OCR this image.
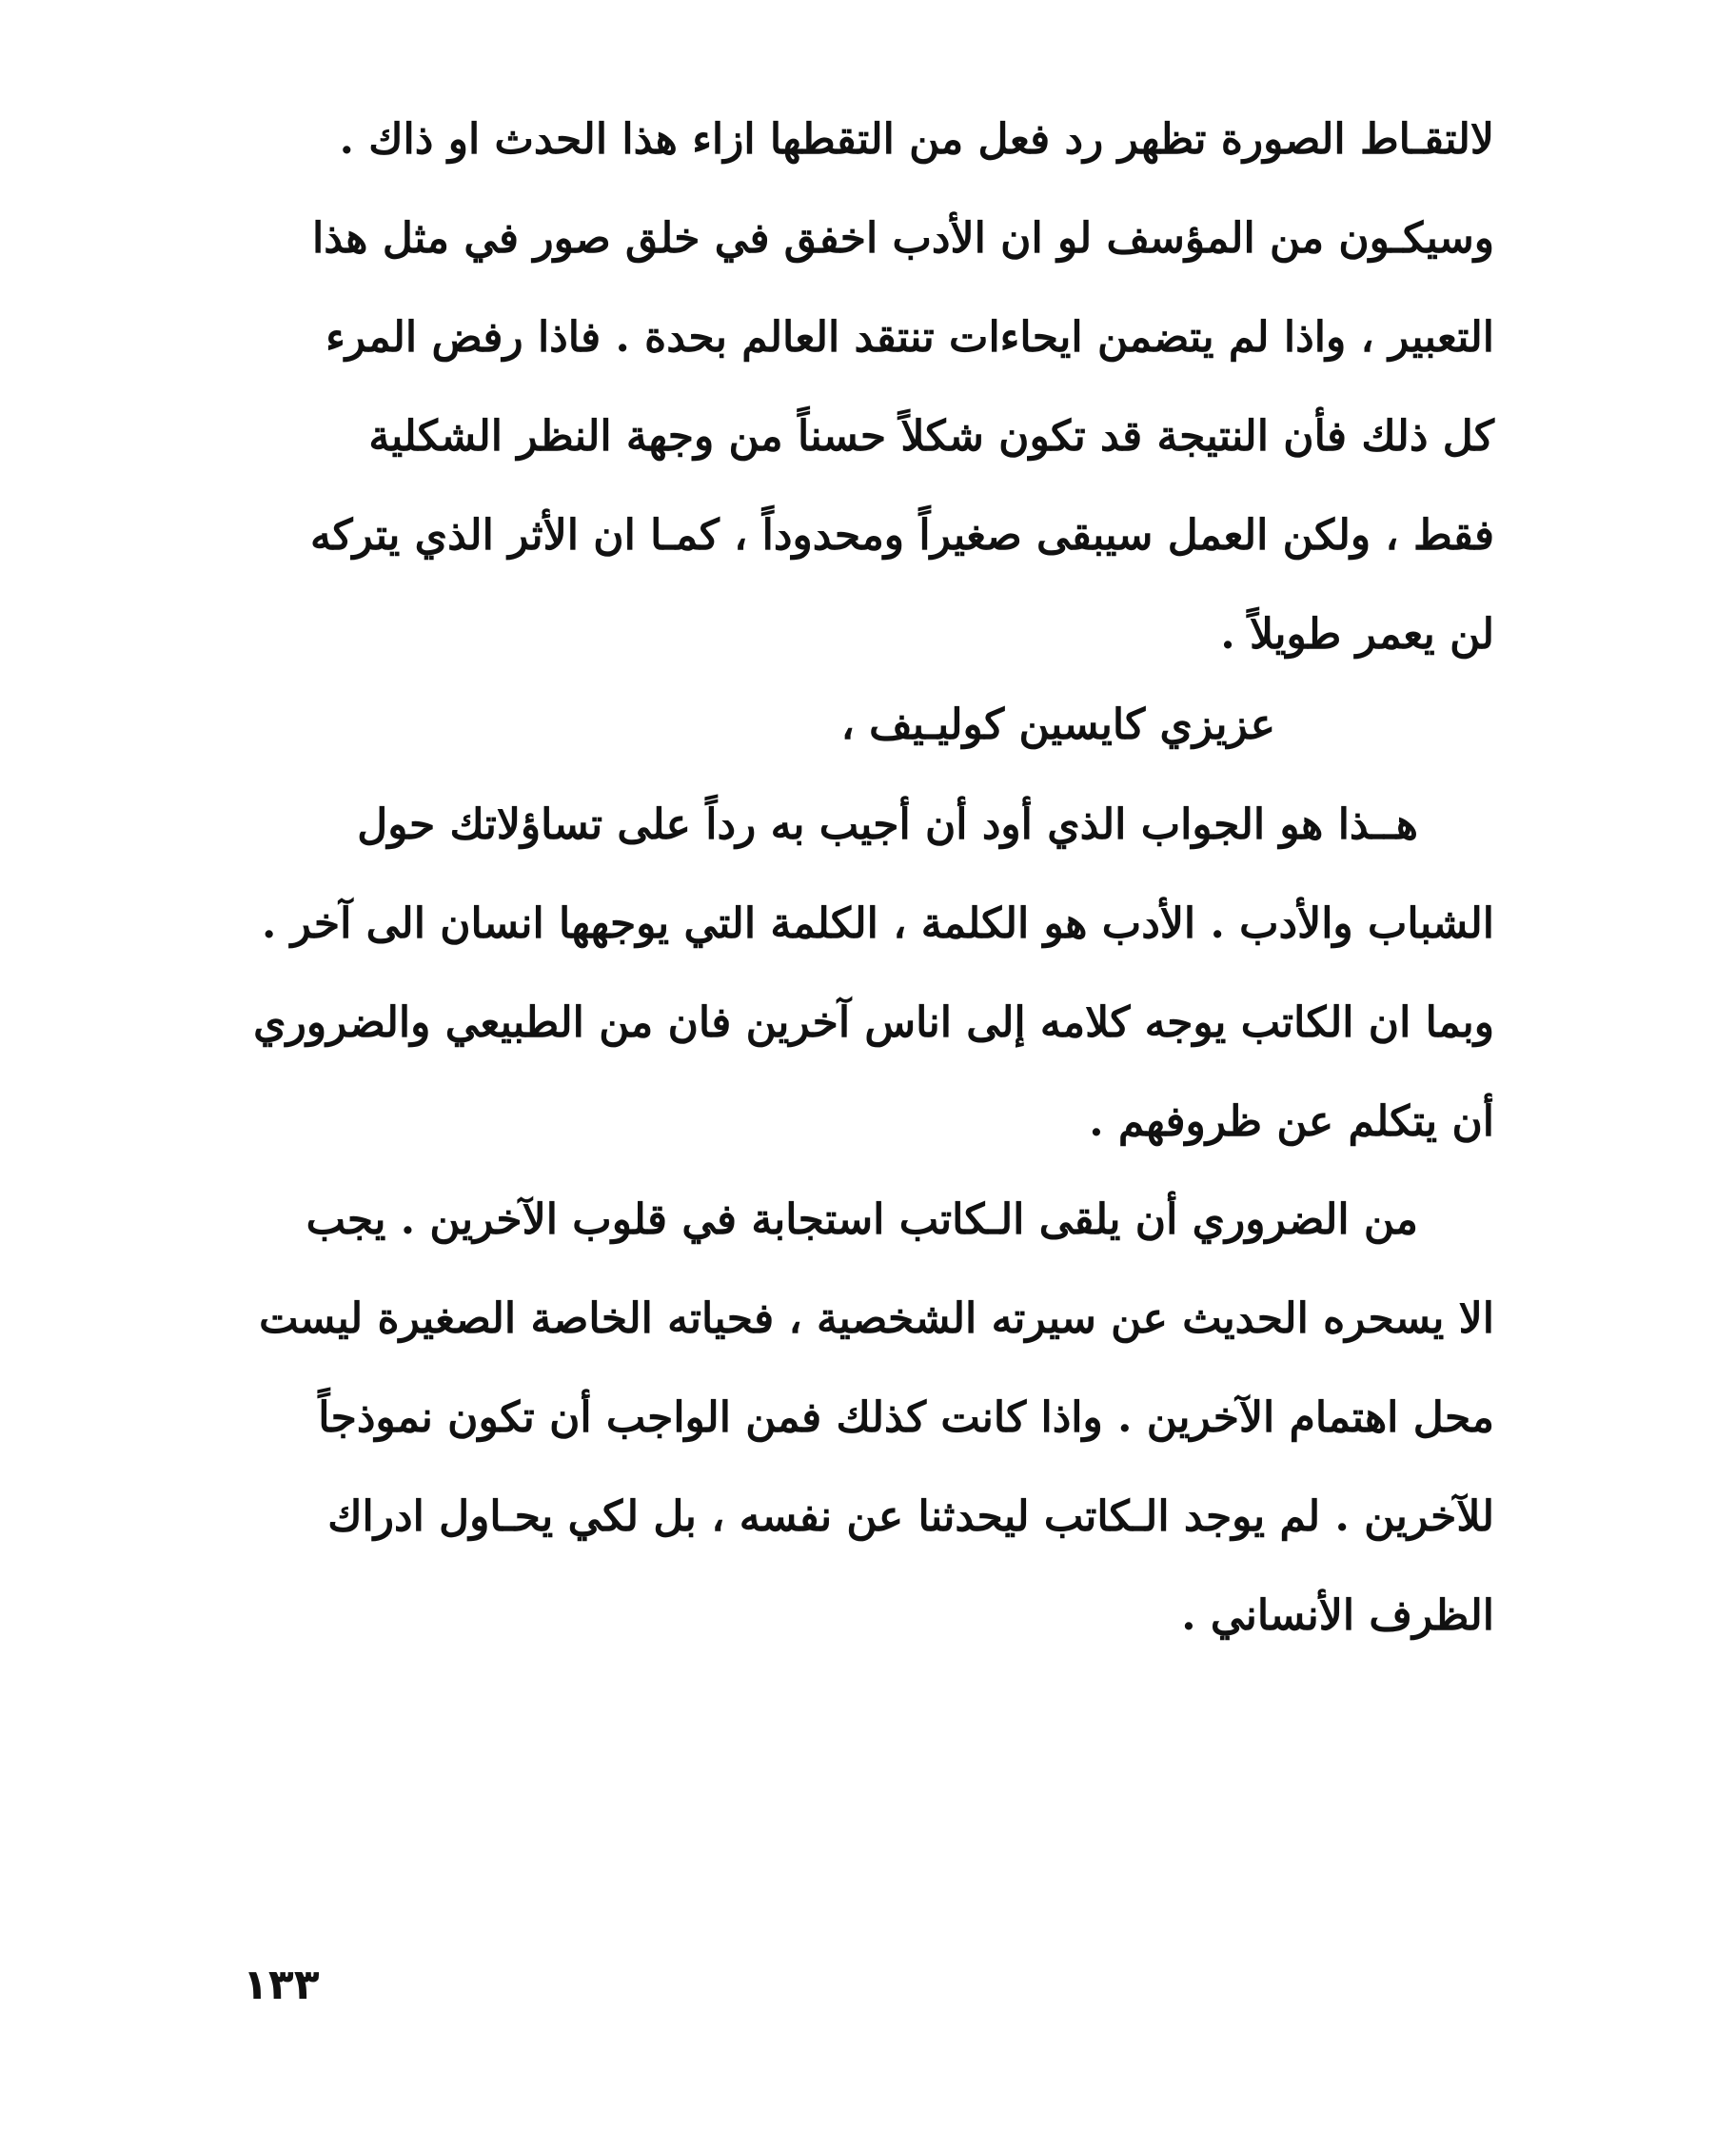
لالتقـاط الصورة تظهر رد فعل من التقطها ازاء هذا الحدث او ذاك .
وسيكـون من المؤسف لو ان الأدب اخفق في خلق صور في مثل هذا
التعبير ، واذا لم يتضمن ايحاءات تنتقد العالم بحدة . فاذا رفض المرء
كل ذلك فأن النتيجة قد تكون شكلاً حسناً من وجهة النظر الشكلية
فقط ، ولكن العمل سيبقى صغيراً ومحدوداً ، كمـا ان الأثر الذي يتركه
لن يعمر طويلاً .
عزيزي كايسين كوليـيف ،
هــذا هو الجواب الذي أود أن أجيب به رداً على تساؤلاتك حول
الشباب والأدب . الأدب هو الكلمة ، الكلمة التي يوجهها انسان الى آخر .
وبما ان الكاتب يوجه كلامه إلى اناس آخرين فان من الطبيعي والضروري
أن يتكلم عن ظروفهم .
من الضروري أن يلقى الـكاتب استجابة في قلوب الآخرين . يجب
الا يسحره الحديث عن سيرته الشخصية ، فحياته الخاصة الصغيرة ليست
محل اهتمام الآخرين . واذا كانت كذلك فمن الواجب أن تكون نموذجاً
للآخرين . لم يوجد الـكاتب ليحدثنا عن نفسه ، بل لكي يحـاول ادراك
الظرف الأنساني .
١٣٣
